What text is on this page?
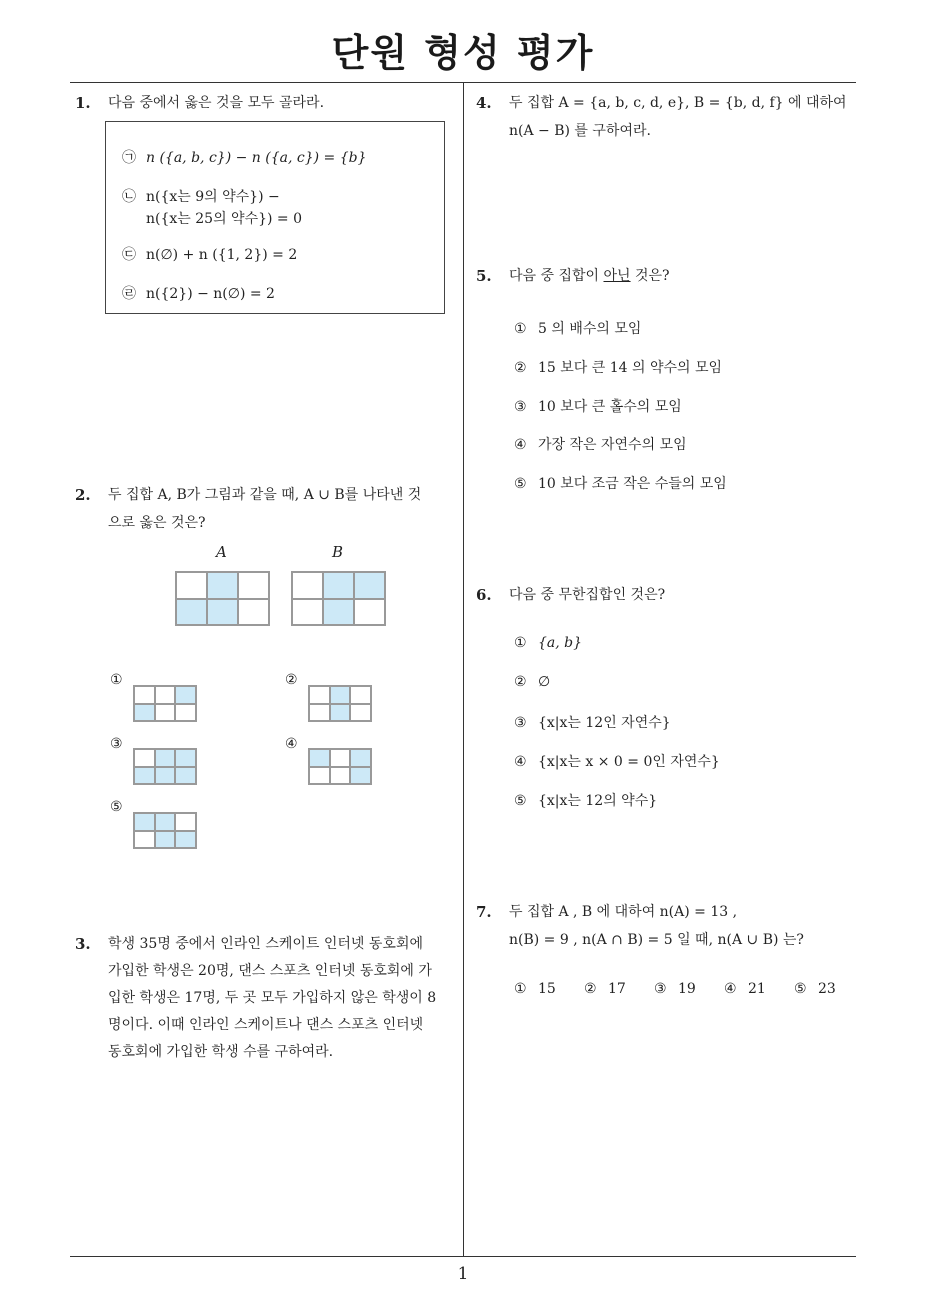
단원 형성 평가
1. 다음 중에서 옳은 것을 모두 골라라.
㉠ n ({a, b, c}) − n ({a, c}) = {b}
㉡ n({x는 9의 약수}) −
n({x는 25의 약수}) = 0
㉢ n(∅) + n ({1, 2}) = 2
㉣ n({2}) − n(∅) = 2
2. 두 집합 A, B가 그림과 같을 때, A ∪ B를 나타낸 것
으로 옳은 것은?
A	B
①	②
③	④
⑤
3. 학생 35명 중에서 인라인 스케이트 인터넷 동호회에
가입한 학생은 20명, 댄스 스포츠 인터넷 동호회에 가
입한 학생은 17명, 두 곳 모두 가입하지 않은 학생이 8
명이다. 이때 인라인 스케이트나 댄스 스포츠 인터넷
동호회에 가입한 학생 수를 구하여라.
4. 두 집합 A = {a, b, c, d, e}, B = {b, d, f} 에 대하여
n(A − B) 를 구하여라.
5. 다음 중 집합이 아닌 것은?
① 5 의 배수의 모임
② 15 보다 큰 14 의 약수의 모임
③ 10 보다 큰 홀수의 모임
④ 가장 작은 자연수의 모임
⑤ 10 보다 조금 작은 수들의 모임
6. 다음 중 무한집합인 것은?
① {a, b}
② ∅
③ {x|x는 12인 자연수}
④ {x|x는 x × 0 = 0인 자연수}
⑤ {x|x는 12의 약수}
7. 두 집합 A , B 에 대하여 n(A) = 13 ,
n(B) = 9 , n(A ∩ B) = 5 일 때, n(A ∪ B) 는?
① 15 ② 17 ③ 19 ④ 21 ⑤ 23
1
